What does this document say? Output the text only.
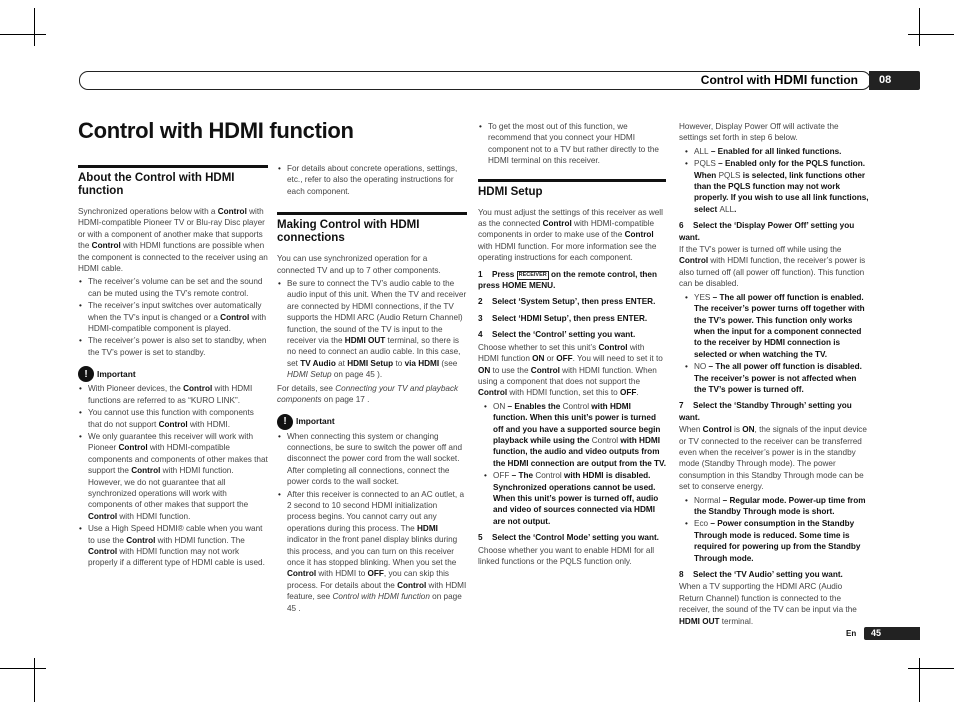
Control with HDMI function	08
Control with HDMI function
About the Control with HDMI function

Synchronized operations below with a Control with HDMI-compatible Pioneer TV or Blu-ray Disc player or with a component of another make that supports the Control with HDMI functions are possible when the component is connected to the receiver using an HDMI cable.

• The receiver’s volume can be set and the sound can be muted using the TV’s remote control.
• The receiver’s input switches over automatically when the TV’s input is changed or a Control with HDMI-compatible component is played.
• The receiver’s power is also set to standby, when the TV’s power is set to standby.
!	Important
• With Pioneer devices, the Control with HDMI functions are referred to as “KURO LINK”.
• You cannot use this function with components that do not support Control with HDMI.
• We only guarantee this receiver will work with Pioneer Control with HDMI-compatible components and components of other makes that support the Control with HDMI function. However, we do not guarantee that all synchronized operations will work with components of other makes that support the Control with HDMI function.
• Use a High Speed HDMI® cable when you want to use the Control with HDMI function. The Control with HDMI function may not work properly if a different type of HDMI cable is used.
• For details about concrete operations, settings, etc., refer to also the operating instructions for each component.
Making Control with HDMI connections

You can use synchronized operation for a connected TV and up to 7 other components.

• Be sure to connect the TV’s audio cable to the audio input of this unit. When the TV and receiver are connected by HDMI connections, if the TV supports the HDMI ARC (Audio Return Channel) function, the sound of the TV is input to the receiver via the HDMI OUT terminal, so there is no need to connect an audio cable. In this case, set TV Audio at HDMI Setup to via HDMI (see HDMI Setup on page 45 ).

For details, see Connecting your TV and playback components on page 17 .

!	Important
• When connecting this system or changing connections, be sure to switch the power off and disconnect the power cord from the wall socket. After completing all connections, connect the power cords to the wall socket.
• After this receiver is connected to an AC outlet, a 2 second to 10 second HDMI initialization process begins. You cannot carry out any operations during this process. The HDMI indicator in the front panel display blinks during this process, and you can turn on this receiver once it has stopped blinking. When you set the Control with HDMI to OFF, you can skip this process. For details about the Control with HDMI feature, see Control with HDMI function on page 45 .
• To get the most out of this function, we recommend that you connect your HDMI component not to a TV but rather directly to the HDMI terminal on this receiver.
HDMI Setup

You must adjust the settings of this receiver as well as the connected Control with HDMI-compatible components in order to make use of the Control with HDMI function. For more information see the operating instructions for each component.

1 Press RECEIVER on the remote control, then press HOME MENU.
2 Select ‘System Setup’, then press ENTER.
3 Select ‘HDMI Setup’, then press ENTER.
4 Select the ‘Control’ setting you want.

Choose whether to set this unit’s Control with HDMI function ON or OFF. You will need to set it to ON to use the Control with HDMI function. When using a component that does not support the Control with HDMI function, set this to OFF.

• ON – Enables the Control with HDMI function. When this unit’s power is turned off and you have a supported source begin playback while using the Control with HDMI function, the audio and video outputs from the HDMI connection are output from the TV.
• OFF – The Control with HDMI is disabled. Synchronized operations cannot be used. When this unit’s power is turned off, audio and video of sources connected via HDMI are not output.
5 Select the ‘Control Mode’ setting you want.

Choose whether you want to enable HDMI for all linked functions or the PQLS function only.

However, Display Power Off will activate the settings set forth in step 6 below.

• ALL – Enabled for all linked functions.
• PQLS – Enabled only for the PQLS function. When PQLS is selected, link functions other than the PQLS function may not work properly. If you wish to use all link functions, select ALL.
6 Select the ‘Display Power Off’ setting you want.

If the TV’s power is turned off while using the Control with HDMI function, the receiver’s power is also turned off (all power off function). This function can be disabled.

• YES – The all power off function is enabled. The receiver’s power turns off together with the TV’s power. This function only works when the input for a component connected to the receiver by HDMI connection is selected or when watching the TV.
• NO – The all power off function is disabled. The receiver’s power is not affected when the TV’s power is turned off.
7 Select the ‘Standby Through’ setting you want.

When Control is ON, the signals of the input device or TV connected to the receiver can be transferred even when the receiver’s power is in the standby mode (Standby Through mode). The power consumption in this Standby Through mode can be set to conserve energy.

• Normal – Regular mode. Power-up time from the Standby Through mode is short.
• Eco – Power consumption in the Standby Through mode is reduced. Some time is required for powering up from the Standby Through mode.
8 Select the ‘TV Audio’ setting you want.

When a TV supporting the HDMI ARC (Audio Return Channel) function is connected to the receiver, the sound of the TV can be input via the HDMI OUT terminal.

En	45
